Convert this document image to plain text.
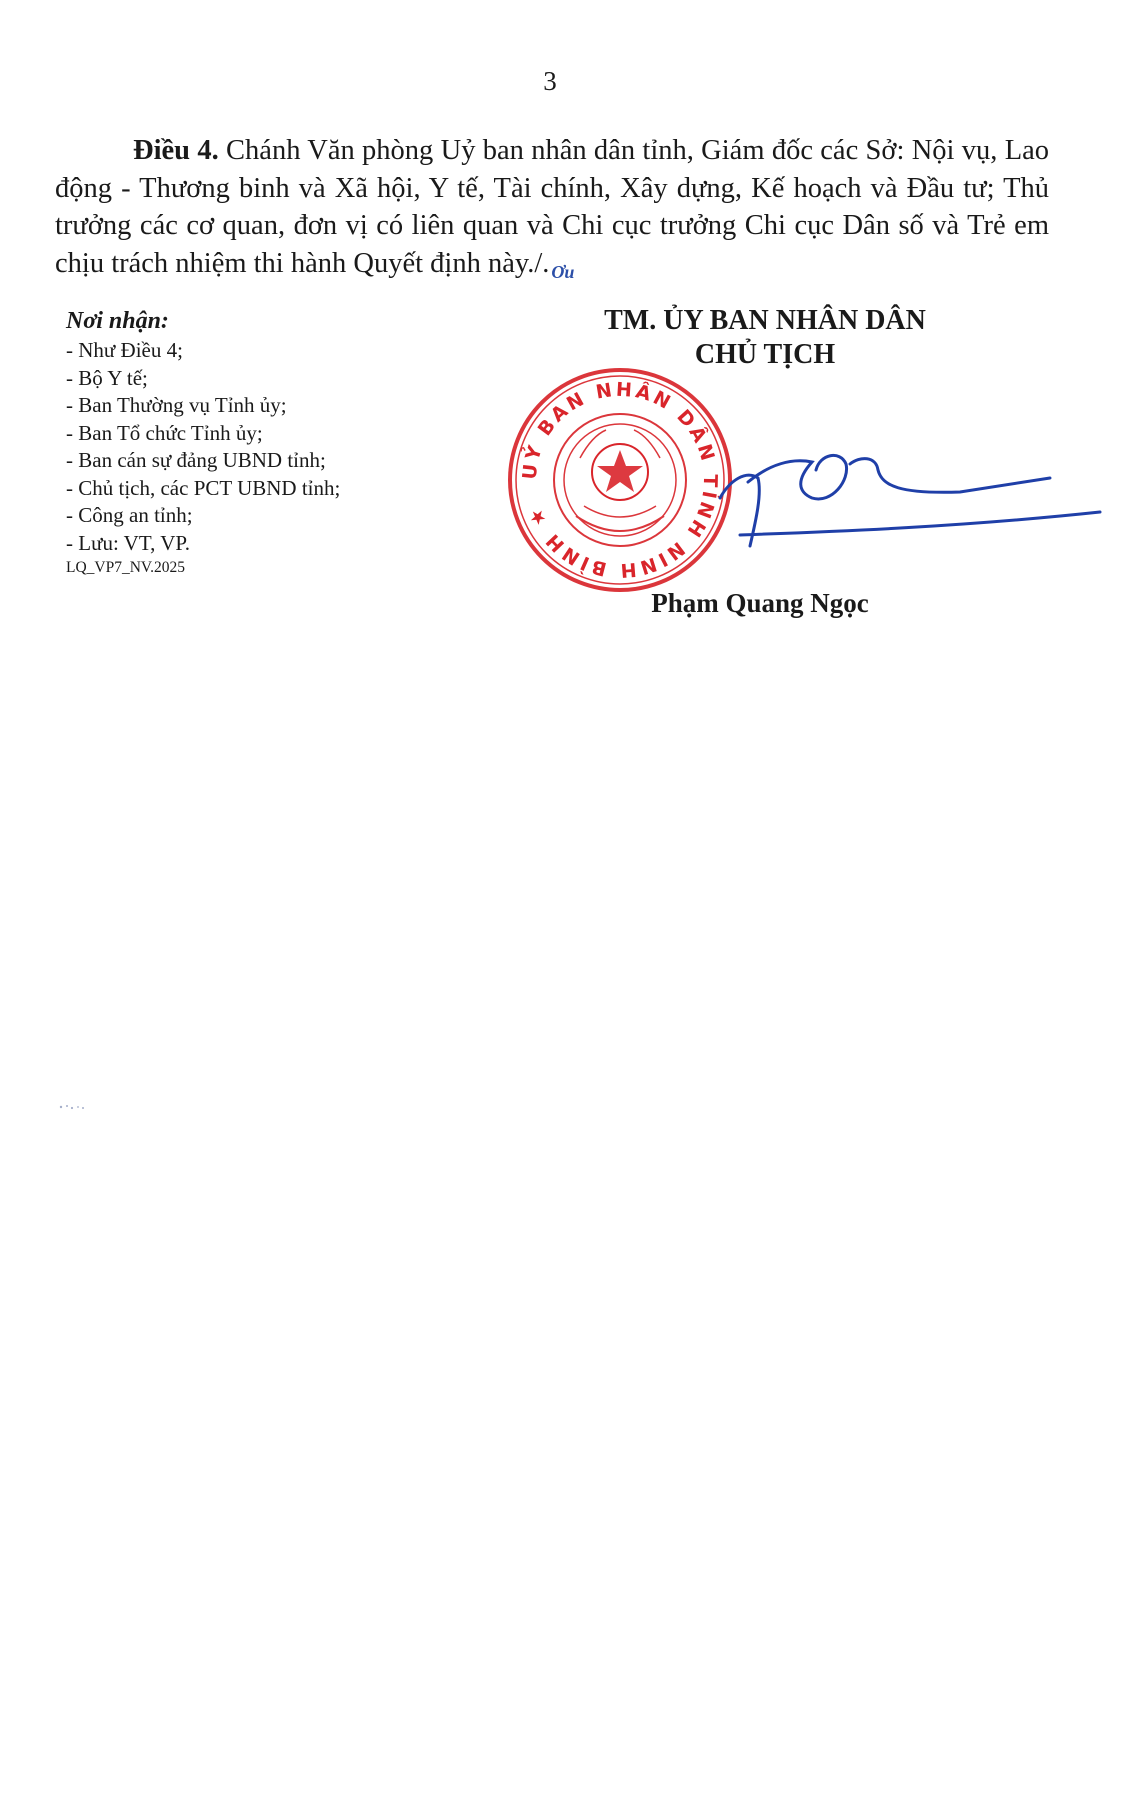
3
Điều 4. Chánh Văn phòng Uỷ ban nhân dân tỉnh, Giám đốc các Sở: Nội vụ, Lao động - Thương binh và Xã hội, Y tế, Tài chính, Xây dựng, Kế hoạch và Đầu tư; Thủ trưởng các cơ quan, đơn vị có liên quan và Chi cục trưởng Chi cục Dân số và Trẻ em chịu trách nhiệm thi hành Quyết định này./. Ơu
Nơi nhận:
- Như Điều 4;
- Bộ Y tế;
- Ban Thường vụ Tỉnh ủy;
- Ban Tổ chức Tỉnh ủy;
- Ban cán sự đảng UBND tỉnh;
- Chủ tịch, các PCT UBND tỉnh;
- Công an tỉnh;
- Lưu: VT, VP.
LQ_VP7_NV.2025
TM. ỦY BAN NHÂN DÂN
CHỦ TỊCH
UỶ BAN NHÂN DÂN TỈNH NINH BÌNH ★
Phạm Quang Ngọc
